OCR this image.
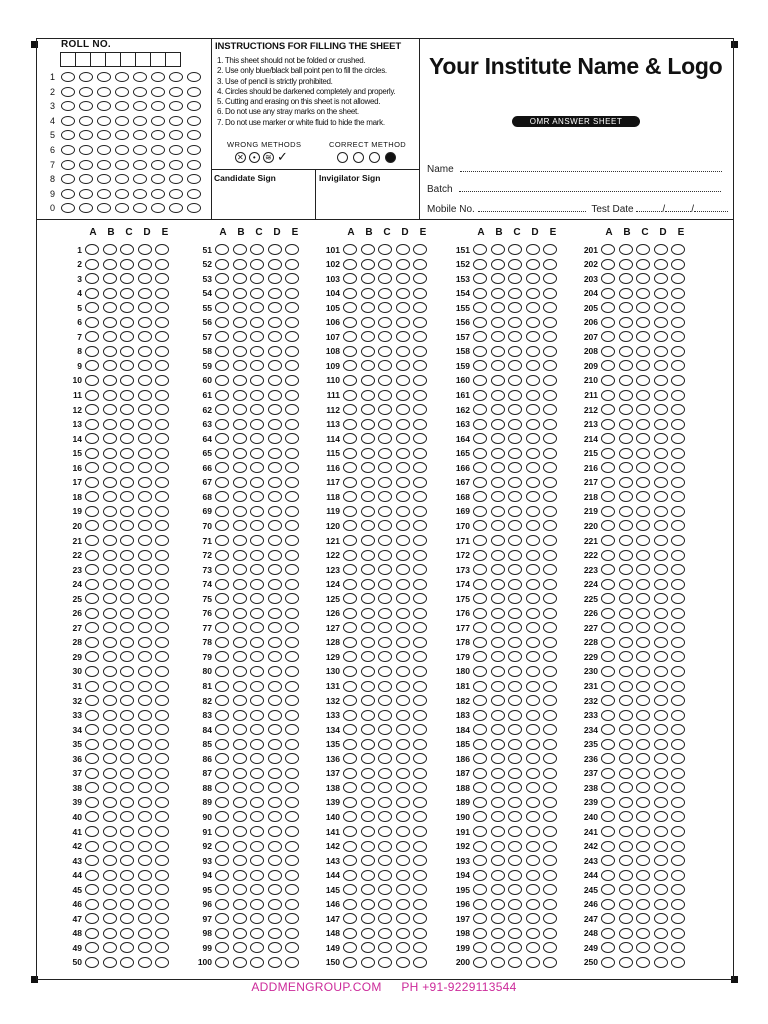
ROLL NO.
1
2
3
4
5
6
7
8
9
0
INSTRUCTIONS FOR FILLING THE SHEET
1. This sheet should not be folded or crushed.
2. Use only blue/black ball point pen to fill the circles.
3. Use of pencil is strictly prohibited.
4. Circles should be darkened completely and properly.
5. Cutting and erasing on this sheet is not allowed.
6. Do not use any stray marks on the sheet.
7. Do not use marker or white fluid to hide the mark.
WRONG METHODS	CORRECT METHOD
✕	•	≋ ✓
Candidate Sign	Invigilator Sign
Your Institute Name & Logo
OMR ANSWER SHEET
Name
Batch
Mobile No.	Test Date	/	/
A	B	C	D	E
1
2
3
4
5
6
7
8
9
10
11
12
13
14
15
16
17
18
19
20
21
22
23
24
25
26
27
28
29
30
31
32
33
34
35
36
37
38
39
40
41
42
43
44
45
46
47
48
49
50
A	B	C	D	E
51
52
53
54
55
56
57
58
59
60
61
62
63
64
65
66
67
68
69
70
71
72
73
74
75
76
77
78
79
80
81
82
83
84
85
86
87
88
89
90
91
92
93
94
95
96
97
98
99
100
A	B	C	D	E
101
102
103
104
105
106
107
108
109
110
111
112
113
114
115
116
117
118
119
120
121
122
123
124
125
126
127
128
129
130
131
132
133
134
135
136
137
138
139
140
141
142
143
144
145
146
147
148
149
150
A	B	C	D	E
151
152
153
154
155
156
157
158
159
160
161
162
163
164
165
166
167
168
169
170
171
172
173
174
175
176
177
178
179
180
181
182
183
184
185
186
187
188
189
190
191
192
193
194
195
196
197
198
199
200
A	B	C	D	E
201
202
203
204
205
206
207
208
209
210
211
212
213
214
215
216
217
218
219
220
221
222
223
224
225
226
227
228
229
230
231
232
233
234
235
236
237
238
239
240
241
242
243
244
245
246
247
248
249
250
ADDMENGROUP.COM PH +91-9229113544
